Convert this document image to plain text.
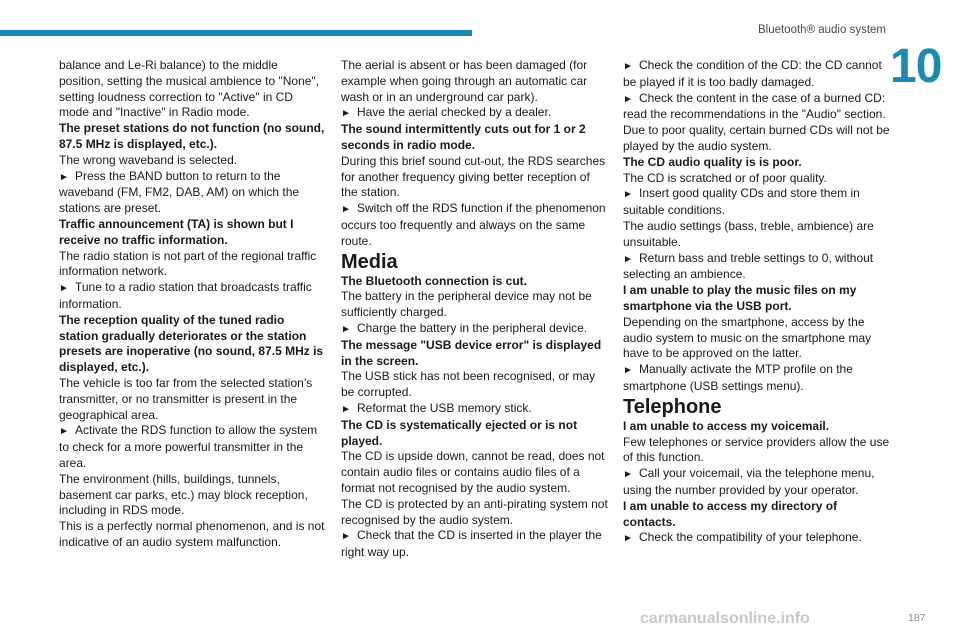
Bluetooth® audio system
10

balance and Le-Ri balance) to the middle position, setting the musical ambience to "None", setting loudness correction to "Active" in CD mode and "Inactive" in Radio mode.

The preset stations do not function (no sound, 87.5 MHz is displayed, etc.).

The wrong waveband is selected.

► Press the BAND button to return to the waveband (FM, FM2, DAB, AM) on which the stations are preset.

Traffic announcement (TA) is shown but I receive no traffic information.

The radio station is not part of the regional traffic information network.

► Tune to a radio station that broadcasts traffic information.

The reception quality of the tuned radio station gradually deteriorates or the station presets are inoperative (no sound, 87.5 MHz is displayed, etc.).

The vehicle is too far from the selected station’s transmitter, or no transmitter is present in the geographical area.

► Activate the RDS function to allow the system to check for a more powerful transmitter in the area.

The environment (hills, buildings, tunnels, basement car parks, etc.) may block reception, including in RDS mode.

This is a perfectly normal phenomenon, and is not indicative of an audio system malfunction.

The aerial is absent or has been damaged (for example when going through an automatic car wash or in an underground car park).

► Have the aerial checked by a dealer.

The sound intermittently cuts out for 1 or 2 seconds in radio mode.

During this brief sound cut-out, the RDS searches for another frequency giving better reception of the station.

► Switch off the RDS function if the phenomenon occurs too frequently and always on the same route.

Media

The Bluetooth connection is cut.

The battery in the peripheral device may not be sufficiently charged.

► Charge the battery in the peripheral device.

The message "USB device error" is displayed in the screen.

The USB stick has not been recognised, or may be corrupted.

► Reformat the USB memory stick.

The CD is systematically ejected or is not played.

The CD is upside down, cannot be read, does not contain audio files or contains audio files of a format not recognised by the audio system.

The CD is protected by an anti-pirating system not recognised by the audio system.

► Check that the CD is inserted in the player the right way up.

► Check the condition of the CD: the CD cannot be played if it is too badly damaged.

► Check the content in the case of a burned CD: read the recommendations in the "Audio" section.

Due to poor quality, certain burned CDs will not be played by the audio system.

The CD audio quality is is poor.

The CD is scratched or of poor quality.

► Insert good quality CDs and store them in suitable conditions.

The audio settings (bass, treble, ambience) are unsuitable.

► Return bass and treble settings to 0, without selecting an ambience.

I am unable to play the music files on my smartphone via the USB port.

Depending on the smartphone, access by the audio system to music on the smartphone may have to be approved on the latter.

► Manually activate the MTP profile on the smartphone (USB settings menu).

Telephone

I am unable to access my voicemail.

Few telephones or service providers allow the use of this function.

► Call your voicemail, via the telephone menu, using the number provided by your operator.

I am unable to access my directory of contacts.

► Check the compatibility of your telephone.

187
carmanualsonline.info
